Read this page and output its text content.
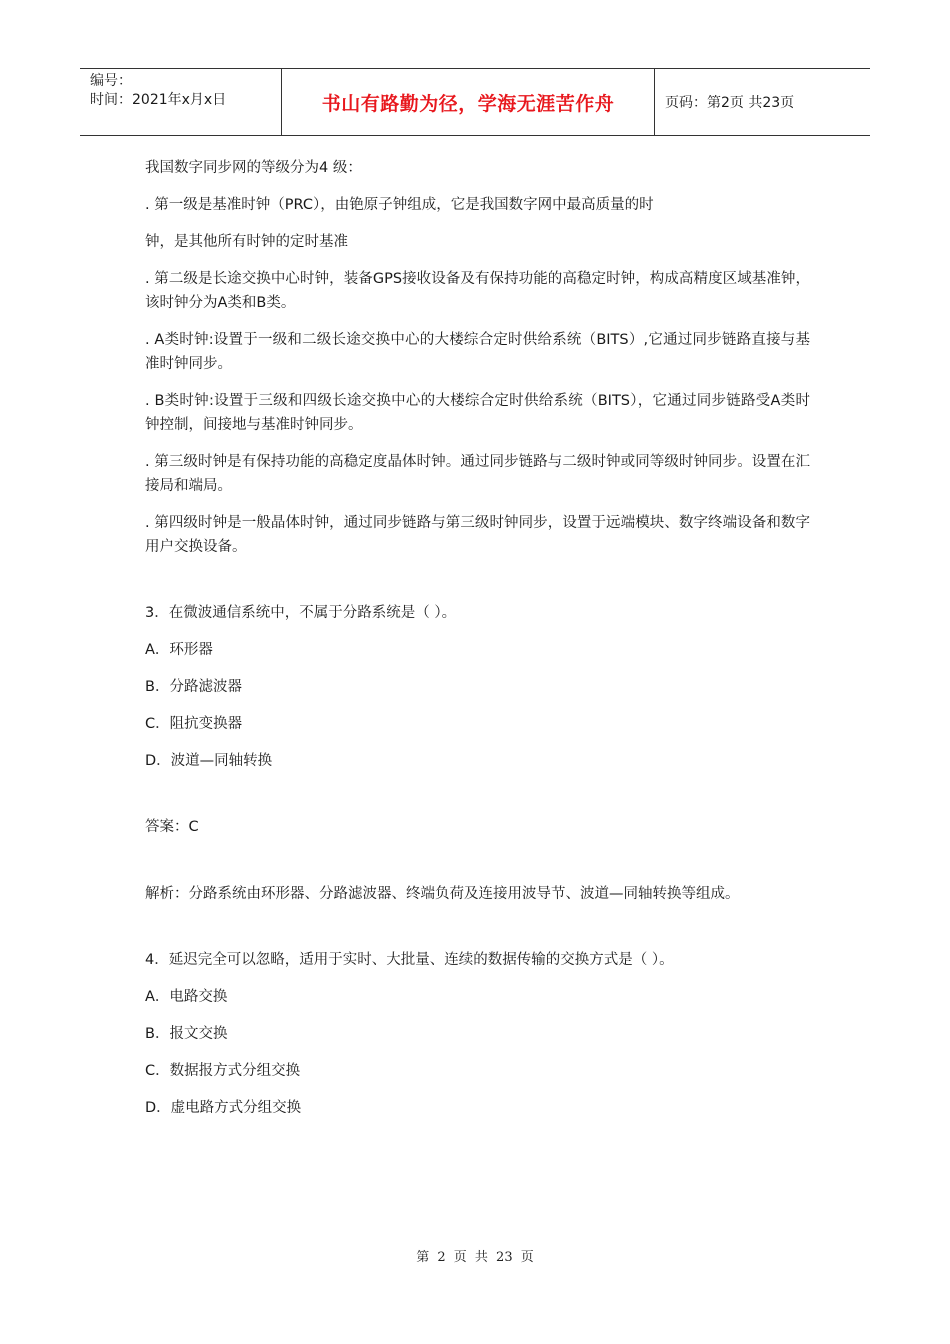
编号：
时间：2021年x月x日	书山有路勤为径，学海无涯苦作舟	页码：第2页 共23页

我国数字同步网的等级分为4 级：

. 第一级是基准时钟（PRC），由铯原子钟组成，它是我国数字网中最高质量的时

钟，是其他所有时钟的定时基准

. 第二级是长途交换中心时钟，装备GPS接收设备及有保持功能的高稳定时钟，构成高精度区域基准钟，该时钟分为A类和B类。

. A类时钟:设置于一级和二级长途交换中心的大楼综合定时供给系统（BITS）,它通过同步链路直接与基准时钟同步。

. B类时钟:设置于三级和四级长途交换中心的大楼综合定时供给系统（BITS），它通过同步链路受A类时钟控制，间接地与基准时钟同步。

. 第三级时钟是有保持功能的高稳定度晶体时钟。通过同步链路与二级时钟或同等级时钟同步。设置在汇接局和端局。

. 第四级时钟是一般晶体时钟，通过同步链路与第三级时钟同步，设置于远端模块、数字终端设备和数字用户交换设备。

3．在微波通信系统中，不属于分路系统是（ ）。

A．环形器

B．分路滤波器

C．阻抗变换器

D．波道—同轴转换

答案：C

解析：分路系统由环形器、分路滤波器、终端负荷及连接用波导节、波道—同轴转换等组成。

4．延迟完全可以忽略，适用于实时、大批量、连续的数据传输的交换方式是（ ）。

A．电路交换

B．报文交换

C．数据报方式分组交换

D．虚电路方式分组交换

第 2 页 共 23 页
